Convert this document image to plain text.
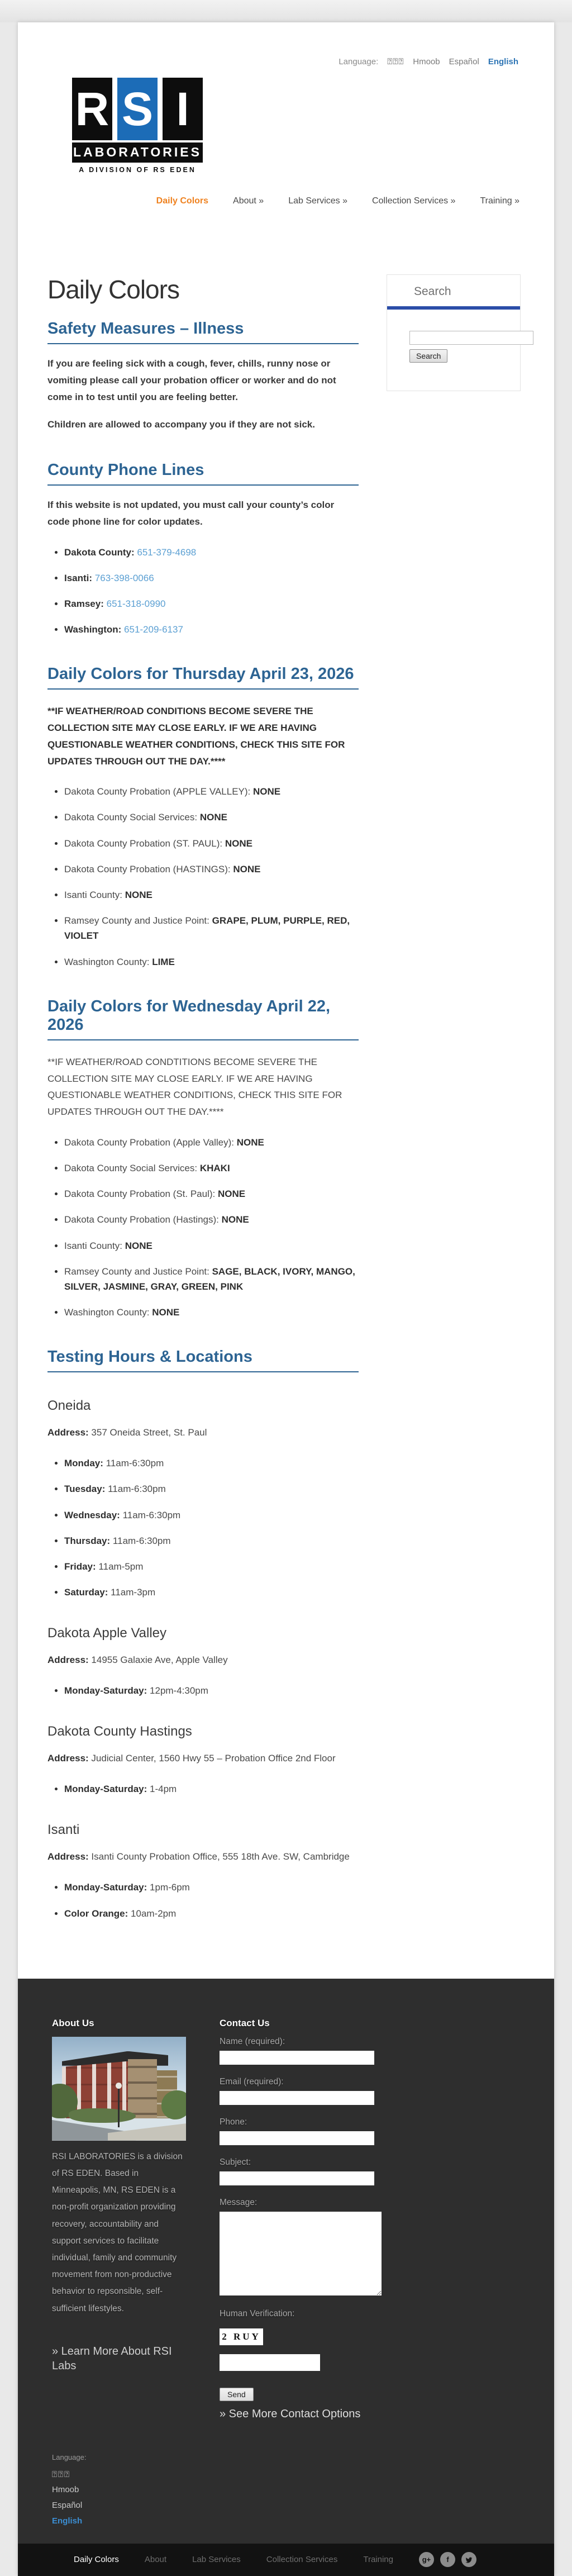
Language: ⍰⍰⍰ Hmoob Español English
R S I
LABORATORIES
A DIVISION OF RS EDEN
Daily Colors	About »	Lab Services »	Collection Services »	Training »
Daily Colors
Safety Measures – Illness

If you are feeling sick with a cough, fever, chills, runny nose or vomiting please call your probation officer or worker and do not come in to test until you are feeling better.

Children are allowed to accompany you if they are not sick.

County Phone Lines

If this website is not updated, you must call your county’s color code phone line for color updates.

• Dakota County: 651-379-4698
• Isanti: 763-398-0066
• Ramsey: 651-318-0990
• Washington: 651-209-6137
Daily Colors for Thursday April 23, 2026

**IF WEATHER/ROAD CONDITIONS BECOME SEVERE THE COLLECTION SITE MAY CLOSE EARLY. IF WE ARE HAVING QUESTIONABLE WEATHER CONDITIONS, CHECK THIS SITE FOR UPDATES THROUGH OUT THE DAY.****

• Dakota County Probation (APPLE VALLEY): NONE
• Dakota County Social Services: NONE
• Dakota County Probation (ST. PAUL): NONE
• Dakota County Probation (HASTINGS): NONE
• Isanti County: NONE
• Ramsey County and Justice Point: GRAPE, PLUM, PURPLE, RED, VIOLET
• Washington County: LIME
Daily Colors for Wednesday April 22, 2026

**IF WEATHER/ROAD CONDTITIONS BECOME SEVERE THE COLLECTION SITE MAY CLOSE EARLY. IF WE ARE HAVING QUESTIONABLE WEATHER CONDITIONS, CHECK THIS SITE FOR UPDATES THROUGH OUT THE DAY.****

• Dakota County Probation (Apple Valley): NONE
• Dakota County Social Services: KHAKI
• Dakota County Probation (St. Paul): NONE
• Dakota County Probation (Hastings): NONE
• Isanti County: NONE
• Ramsey County and Justice Point: SAGE, BLACK, IVORY, MANGO, SILVER, JASMINE, GRAY, GREEN, PINK
• Washington County: NONE
Testing Hours & Locations
Oneida

Address: 357 Oneida Street, St. Paul

• Monday: 11am-6:30pm
• Tuesday: 11am-6:30pm
• Wednesday: 11am-6:30pm
• Thursday: 11am-6:30pm
• Friday: 11am-5pm
• Saturday: 11am-3pm
Dakota Apple Valley

Address: 14955 Galaxie Ave, Apple Valley

• Monday-Saturday: 12pm-4:30pm
Dakota County Hastings

Address: Judicial Center, 1560 Hwy 55 – Probation Office 2nd Floor

• Monday-Saturday: 1-4pm
Isanti

Address: Isanti County Probation Office, 555 18th Ave. SW, Cambridge

• Monday-Saturday: 1pm-6pm
• Color Orange: 10am-2pm
Search

Search
About Us

RSI LABORATORIES is a division of RS EDEN. Based in Minneapolis, MN, RS EDEN is a non-profit organization providing recovery, accountability and support services to facilitate individual, family and community movement from non-productive behavior to repsonsible, self-sufficient lifestyles.

» Learn More About RSI Labs
Contact Us
Name (required):
Email (required):
Phone:
Subject:
Message:
Human Verification:
2 RUY
Send
» See More Contact Options
Language:
⍰⍰⍰
Hmoob
Español
English
Daily Colors	About	Lab Services	Collection Services	Training	g+	f
